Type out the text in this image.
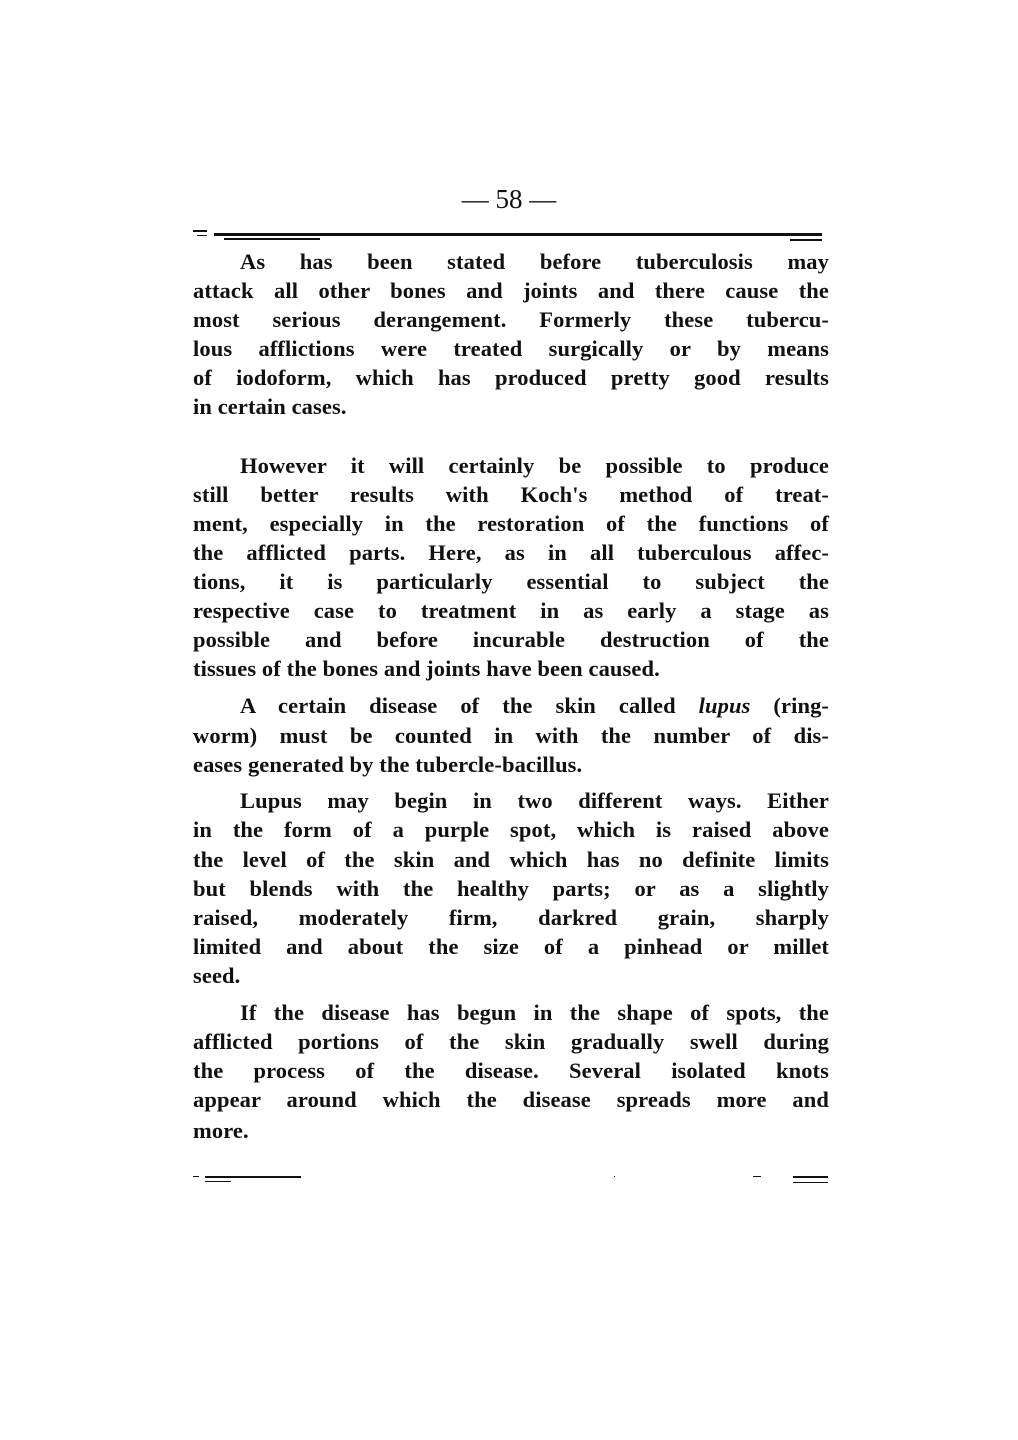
— 58 —
As has been stated before tuberculosis may
attack all other bones and joints and there cause the
most serious derangement. Formerly these tubercu-
lous afflictions were treated surgically or by means
of iodoform, which has produced pretty good results
in certain cases.
However it will certainly be possible to produce
still better results with Koch's method of treat-
ment, especially in the restoration of the functions of
the afflicted parts. Here, as in all tuberculous affec-
tions, it is particularly essential to subject the
respective case to treatment in as early a stage as
possible and before incurable destruction of the
tissues of the bones and joints have been caused.
A certain disease of the skin called lupus (ring-
worm) must be counted in with the number of dis-
eases generated by the tubercle-bacillus.
Lupus may begin in two different ways. Either
in the form of a purple spot, which is raised above
the level of the skin and which has no definite limits
but blends with the healthy parts; or as a slightly
raised, moderately firm, darkred grain, sharply
limited and about the size of a pinhead or millet
seed.
If the disease has begun in the shape of spots, the
afflicted portions of the skin gradually swell during
the process of the disease. Several isolated knots
appear around which the disease spreads more and
more.
